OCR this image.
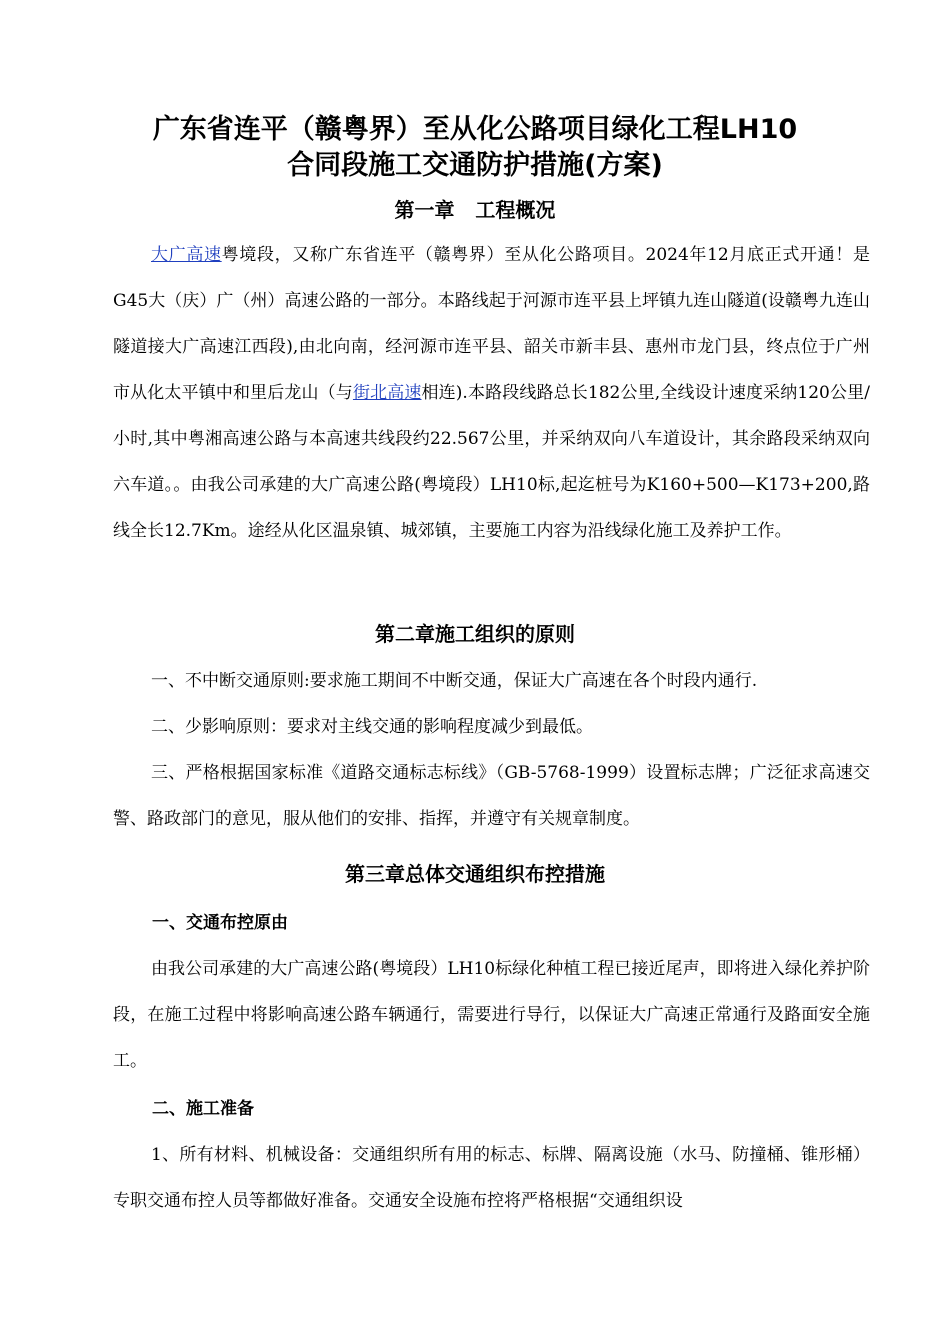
广东省连平（赣粤界）至从化公路项目绿化工程LH10
合同段施工交通防护措施(方案)
第一章   工程概况

大广高速粤境段，又称广东省连平（赣粤界）至从化公路项目。2024年12月底正式开通！是G45大（庆）广（州）高速公路的一部分。本路线起于河源市连平县上坪镇九连山隧道(设赣粤九连山隧道接大广高速江西段),由北向南，经河源市连平县、韶关市新丰县、惠州市龙门县，终点位于广州市从化太平镇中和里后龙山（与街北高速相连).本路段线路总长182公里,全线设计速度采纳120公里/小时,其中粤湘高速公路与本高速共线段约22.567公里，并采纳双向八车道设计，其余路段采纳双向六车道。。由我公司承建的大广高速公路(粤境段）LH10标,起迄桩号为K160+500—K173+200,路线全长12.7Km。途经从化区温泉镇、城郊镇，主要施工内容为沿线绿化施工及养护工作。

第二章施工组织的原则

一、不中断交通原则:要求施工期间不中断交通，保证大广高速在各个时段内通行.

二、少影响原则：要求对主线交通的影响程度减少到最低。

三、严格根据国家标准《道路交通标志标线》（GB-5768-1999）设置标志牌；广泛征求高速交警、路政部门的意见，服从他们的安排、指挥，并遵守有关规章制度。

第三章总体交通组织布控措施
一、交通布控原由

由我公司承建的大广高速公路(粤境段）LH10标绿化种植工程已接近尾声，即将进入绿化养护阶段，在施工过程中将影响高速公路车辆通行，需要进行导行，以保证大广高速正常通行及路面安全施工。

二、施工准备

1、所有材料、机械设备：交通组织所有用的标志、标牌、隔离设施（水马、防撞桶、锥形桶）专职交通布控人员等都做好准备。交通安全设施布控将严格根据“交通组织设
